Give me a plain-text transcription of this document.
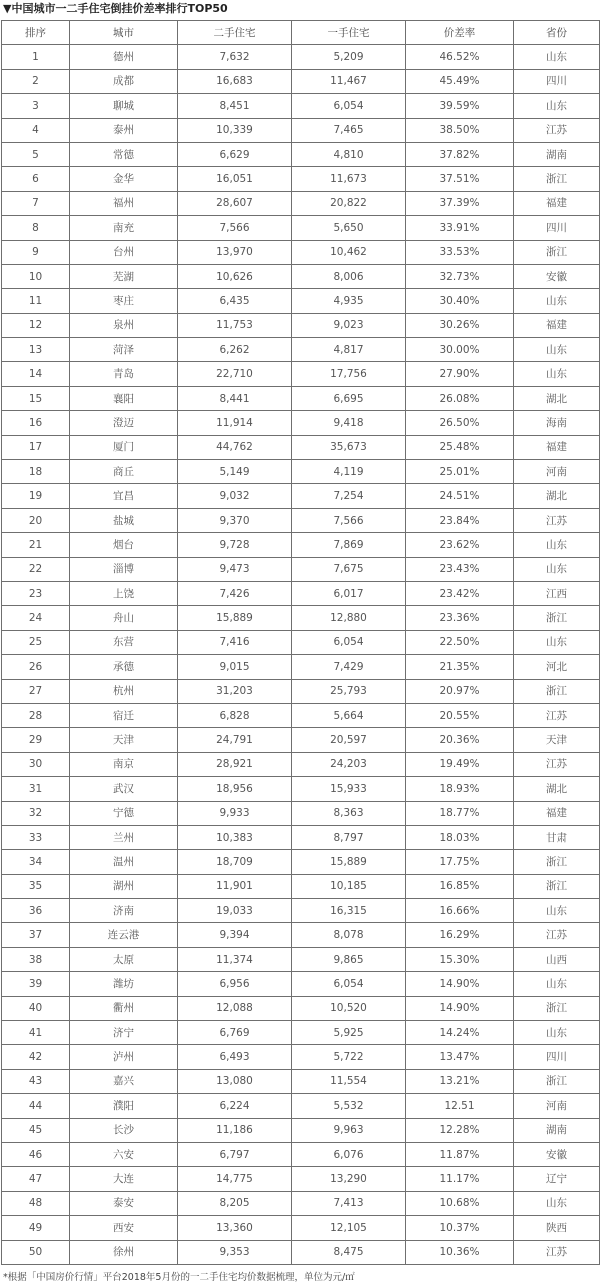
▼中国城市一二手住宅倒挂价差率排行TOP50
排序	城市	二手住宅	一手住宅	价差率	省份
1	德州	7,632	5,209	46.52%	山东
2	成都	16,683	11,467	45.49%	四川
3	聊城	8,451	6,054	39.59%	山东
4	泰州	10,339	7,465	38.50%	江苏
5	常德	6,629	4,810	37.82%	湖南
6	金华	16,051	11,673	37.51%	浙江
7	福州	28,607	20,822	37.39%	福建
8	南充	7,566	5,650	33.91%	四川
9	台州	13,970	10,462	33.53%	浙江
10	芜湖	10,626	8,006	32.73%	安徽
11	枣庄	6,435	4,935	30.40%	山东
12	泉州	11,753	9,023	30.26%	福建
13	菏泽	6,262	4,817	30.00%	山东
14	青岛	22,710	17,756	27.90%	山东
15	襄阳	8,441	6,695	26.08%	湖北
16	澄迈	11,914	9,418	26.50%	海南
17	厦门	44,762	35,673	25.48%	福建
18	商丘	5,149	4,119	25.01%	河南
19	宜昌	9,032	7,254	24.51%	湖北
20	盐城	9,370	7,566	23.84%	江苏
21	烟台	9,728	7,869	23.62%	山东
22	淄博	9,473	7,675	23.43%	山东
23	上饶	7,426	6,017	23.42%	江西
24	舟山	15,889	12,880	23.36%	浙江
25	东营	7,416	6,054	22.50%	山东
26	承德	9,015	7,429	21.35%	河北
27	杭州	31,203	25,793	20.97%	浙江
28	宿迁	6,828	5,664	20.55%	江苏
29	天津	24,791	20,597	20.36%	天津
30	南京	28,921	24,203	19.49%	江苏
31	武汉	18,956	15,933	18.93%	湖北
32	宁德	9,933	8,363	18.77%	福建
33	兰州	10,383	8,797	18.03%	甘肃
34	温州	18,709	15,889	17.75%	浙江
35	湖州	11,901	10,185	16.85%	浙江
36	济南	19,033	16,315	16.66%	山东
37	连云港	9,394	8,078	16.29%	江苏
38	太原	11,374	9,865	15.30%	山西
39	潍坊	6,956	6,054	14.90%	山东
40	衢州	12,088	10,520	14.90%	浙江
41	济宁	6,769	5,925	14.24%	山东
42	泸州	6,493	5,722	13.47%	四川
43	嘉兴	13,080	11,554	13.21%	浙江
44	濮阳	6,224	5,532	12.51	河南
45	长沙	11,186	9,963	12.28%	湖南
46	六安	6,797	6,076	11.87%	安徽
47	大连	14,775	13,290	11.17%	辽宁
48	泰安	8,205	7,413	10.68%	山东
49	西安	13,360	12,105	10.37%	陕西
50	徐州	9,353	8,475	10.36%	江苏
*根据「中国房价行情」平台2018年5月份的一二手住宅均价数据梳理，单位为元/㎡
